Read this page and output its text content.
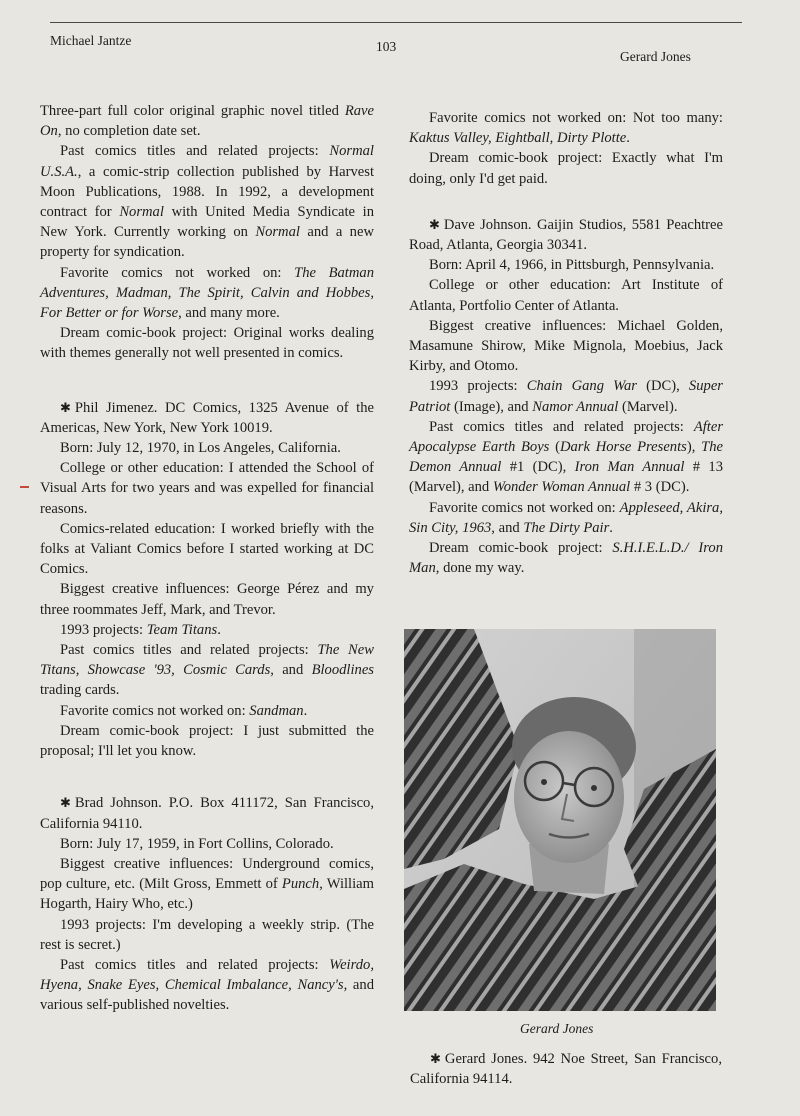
Michael Jantze	103
Gerard Jones

Three-part full color original graphic novel titled Rave On, no completion date set.

Past comics titles and related projects: Normal U.S.A., a comic-strip collection published by Harvest Moon Publications, 1988. In 1992, a development contract for Normal with United Media Syndicate in New York. Currently working on Normal and a new property for syndication.

Favorite comics not worked on: The Batman Adventures, Madman, The Spirit, Calvin and Hobbes, For Better or for Worse, and many more.

Dream comic-book project: Original works dealing with themes generally not well presented in comics.

✱ Phil Jimenez. DC Comics, 1325 Avenue of the Americas, New York, New York 10019.

Born: July 12, 1970, in Los Angeles, California.

College or other education: I attended the School of Visual Arts for two years and was expelled for financial reasons.

Comics-related education: I worked briefly with the folks at Valiant Comics before I started working at DC Comics.

Biggest creative influences: George Pérez and my three roommates Jeff, Mark, and Trevor.

1993 projects: Team Titans.

Past comics titles and related projects: The New Titans, Showcase '93, Cosmic Cards, and Bloodlines trading cards.

Favorite comics not worked on: Sandman.

Dream comic-book project: I just submitted the proposal; I'll let you know.

✱ Brad Johnson. P.O. Box 411172, San Francisco, California 94110.

Born: July 17, 1959, in Fort Collins, Colorado.

Biggest creative influences: Underground comics, pop culture, etc. (Milt Gross, Emmett of Punch, William Hogarth, Hairy Who, etc.)

1993 projects: I'm developing a weekly strip. (The rest is secret.)

Past comics titles and related projects: Weirdo, Hyena, Snake Eyes, Chemical Imbalance, Nancy's, and various self-published novelties.

Favorite comics not worked on: Not too many: Kaktus Valley, Eightball, Dirty Plotte.

Dream comic-book project: Exactly what I'm doing, only I'd get paid.

✱ Dave Johnson. Gaijin Studios, 5581 Peachtree Road, Atlanta, Georgia 30341.

Born: April 4, 1966, in Pittsburgh, Pennsylvania.

College or other education: Art Institute of Atlanta, Portfolio Center of Atlanta.

Biggest creative influences: Michael Golden, Masamune Shirow, Mike Mignola, Moebius, Jack Kirby, and Otomo.

1993 projects: Chain Gang War (DC), Super Patriot (Image), and Namor Annual (Marvel).

Past comics titles and related projects: After Apocalypse Earth Boys (Dark Horse Presents), The Demon Annual #1 (DC), Iron Man Annual # 13 (Marvel), and Wonder Woman Annual # 3 (DC).

Favorite comics not worked on: Appleseed, Akira, Sin City, 1963, and The Dirty Pair.

Dream comic-book project: S.H.I.E.L.D./ Iron Man, done my way.

Gerard Jones

✱ Gerard Jones. 942 Noe Street, San Francisco, California 94114.
